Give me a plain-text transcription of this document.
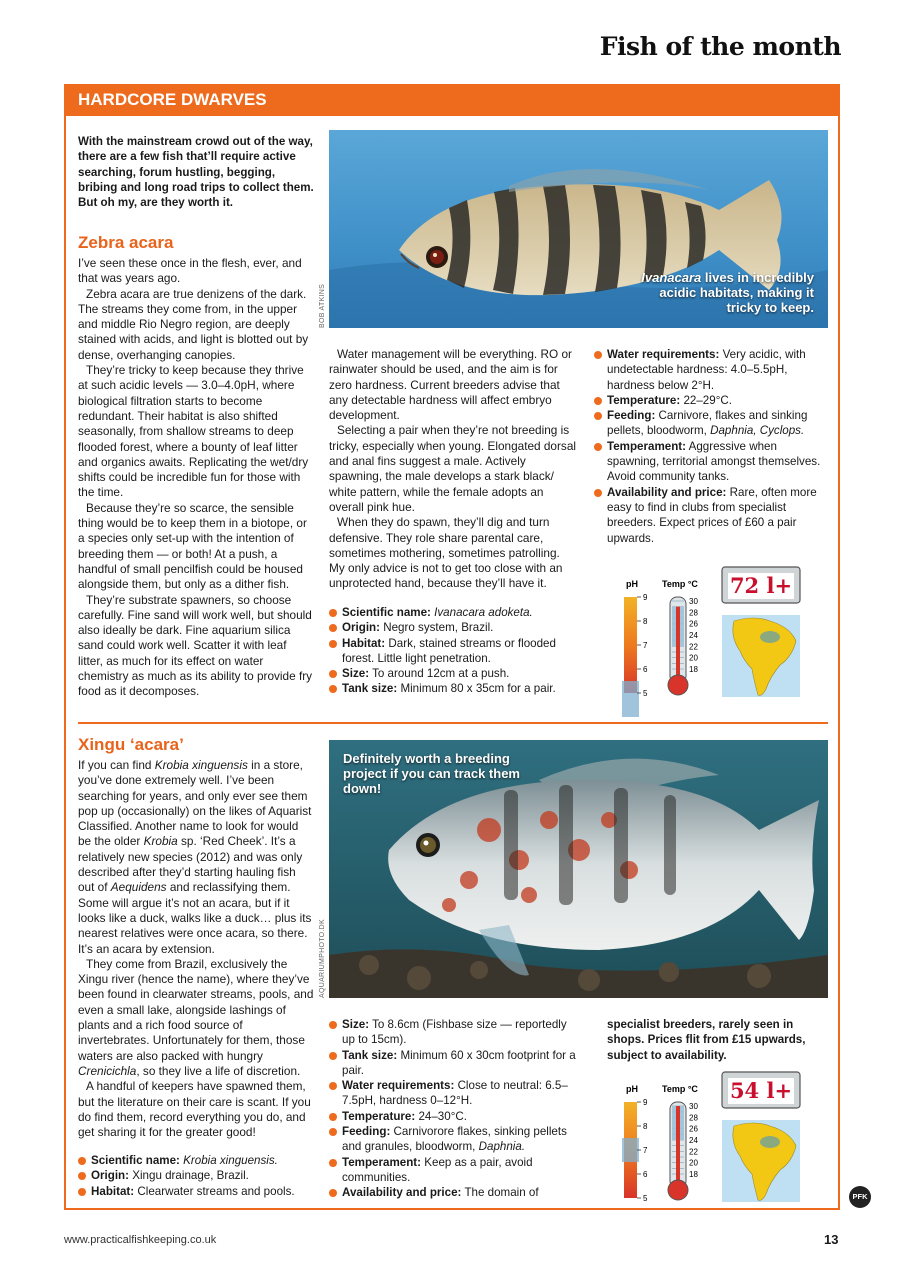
Fish of the month
HARDCORE DWARVES
With the mainstream crowd out of the way, there are a few fish that’ll require active searching, forum hustling, begging, bribing and long road trips to collect them. But oh my, are they worth it.
Zebra acara

I’ve seen these once in the flesh, ever, and that was years ago.

Zebra acara are true denizens of the dark. The streams they come from, in the upper and middle Rio Negro region, are deeply stained with acids, and light is blotted out by dense, overhanging canopies.

They’re tricky to keep because they thrive at such acidic levels — 3.0–4.0pH, where biological filtration starts to become redundant. Their habitat is also shifted seasonally, from shallow streams to deep flooded forest, where a bounty of leaf litter and organics awaits. Replicating the wet/dry shifts could be incredible fun for those with the time.

Because they’re so scarce, the sensible thing would be to keep them in a biotope, or a species only set-up with the intention of breeding them — or both! At a push, a handful of small pencilfish could be housed alongside them, but only as a dither fish.

They’re substrate spawners, so choose carefully. Fine sand will work well, but should also ideally be dark. Fine aquarium silica sand could work well. Scatter it with leaf litter, as much for its effect on water chemistry as much as its ability to provide fry food as it decomposes.

Ivanacara lives in incredibly acidic habitats, making it tricky to keep.
BOB ATKINS

Water management will be everything. RO or rainwater should be used, and the aim is for zero hardness. Current breeders advise that any detectable hardness will affect embryo development.

Selecting a pair when they’re not breeding is tricky, especially when young. Elongated dorsal and anal fins suggest a male. Actively spawning, the male develops a stark black/ white pattern, while the female adopts an overall pink hue.

When they do spawn, they’ll dig and turn defensive. They role share parental care, sometimes mothering, sometimes patrolling. My only advice is not to get too close with an unprotected hand, because they’ll have it.

Scientific name: Ivanacara adoketa.
Origin: Negro system, Brazil.
Habitat: Dark, stained streams or flooded forest. Little light penetration.
Size: To around 12cm at a push.
Tank size: Minimum 80 x 35cm for a pair.
Water requirements: Very acidic, with undetectable hardness: 4.0–5.5pH, hardness below 2°H.
Temperature: 22–29°C.
Feeding: Carnivore, flakes and sinking pellets, bloodworm, Daphnia, Cyclops.
Temperament: Aggressive when spawning, territorial amongst themselves. Avoid community tanks.
Availability and price: Rare, often more easy to find in clubs from specialist breeders. Expect prices of £60 a pair upwards.
pH	Temp °C
9
8
7
6
5
30
28
26
24
22
20
18
72 l+
Xingu ‘acara’

If you can find Krobia xinguensis in a store, you’ve done extremely well. I’ve been searching for years, and only ever see them pop up (occasionally) on the likes of Aquarist Classified. Another name to look for would be the older Krobia sp. ‘Red Cheek’. It’s a relatively new species (2012) and was only described after they’d starting hauling fish out of Aequidens and reclassifying them. Some will argue it’s not an acara, but if it looks like a duck, walks like a duck… plus its nearest relatives were once acara, so there. It’s an acara by extension.

They come from Brazil, exclusively the Xingu river (hence the name), where they’ve been found in clearwater streams, pools, and even a small lake, alongside lashings of plants and a rich food source of invertebrates. Unfortunately for them, those waters are also packed with hungry Crenicichla, so they live a life of discretion.

A handful of keepers have spawned them, but the literature on their care is scant. If you do find them, record everything you do, and get sharing it for the greater good!

Scientific name: Krobia xinguensis.
Origin: Xingu drainage, Brazil.
Habitat: Clearwater streams and pools.
Definitely worth a breeding project if you can track them down!
AQUARIUMPHOTO.DK
Size: To 8.6cm (Fishbase size — reportedly up to 15cm).
Tank size: Minimum 60 x 30cm footprint for a pair.
Water requirements: Close to neutral: 6.5–7.5pH, hardness 0–12°H.
Temperature: 24–30°C.
Feeding: Carnivorore flakes, sinking pellets and granules, bloodworm, Daphnia.
Temperament: Keep as a pair, avoid communities.
Availability and price: The domain of
specialist breeders, rarely seen in shops. Prices flit from £15 upwards, subject to availability.
pH	Temp °C
9
8
7
6
5
30
28
26
24
22
20
18
54 l+
www.practicalfishkeeping.co.uk	13
PFK
